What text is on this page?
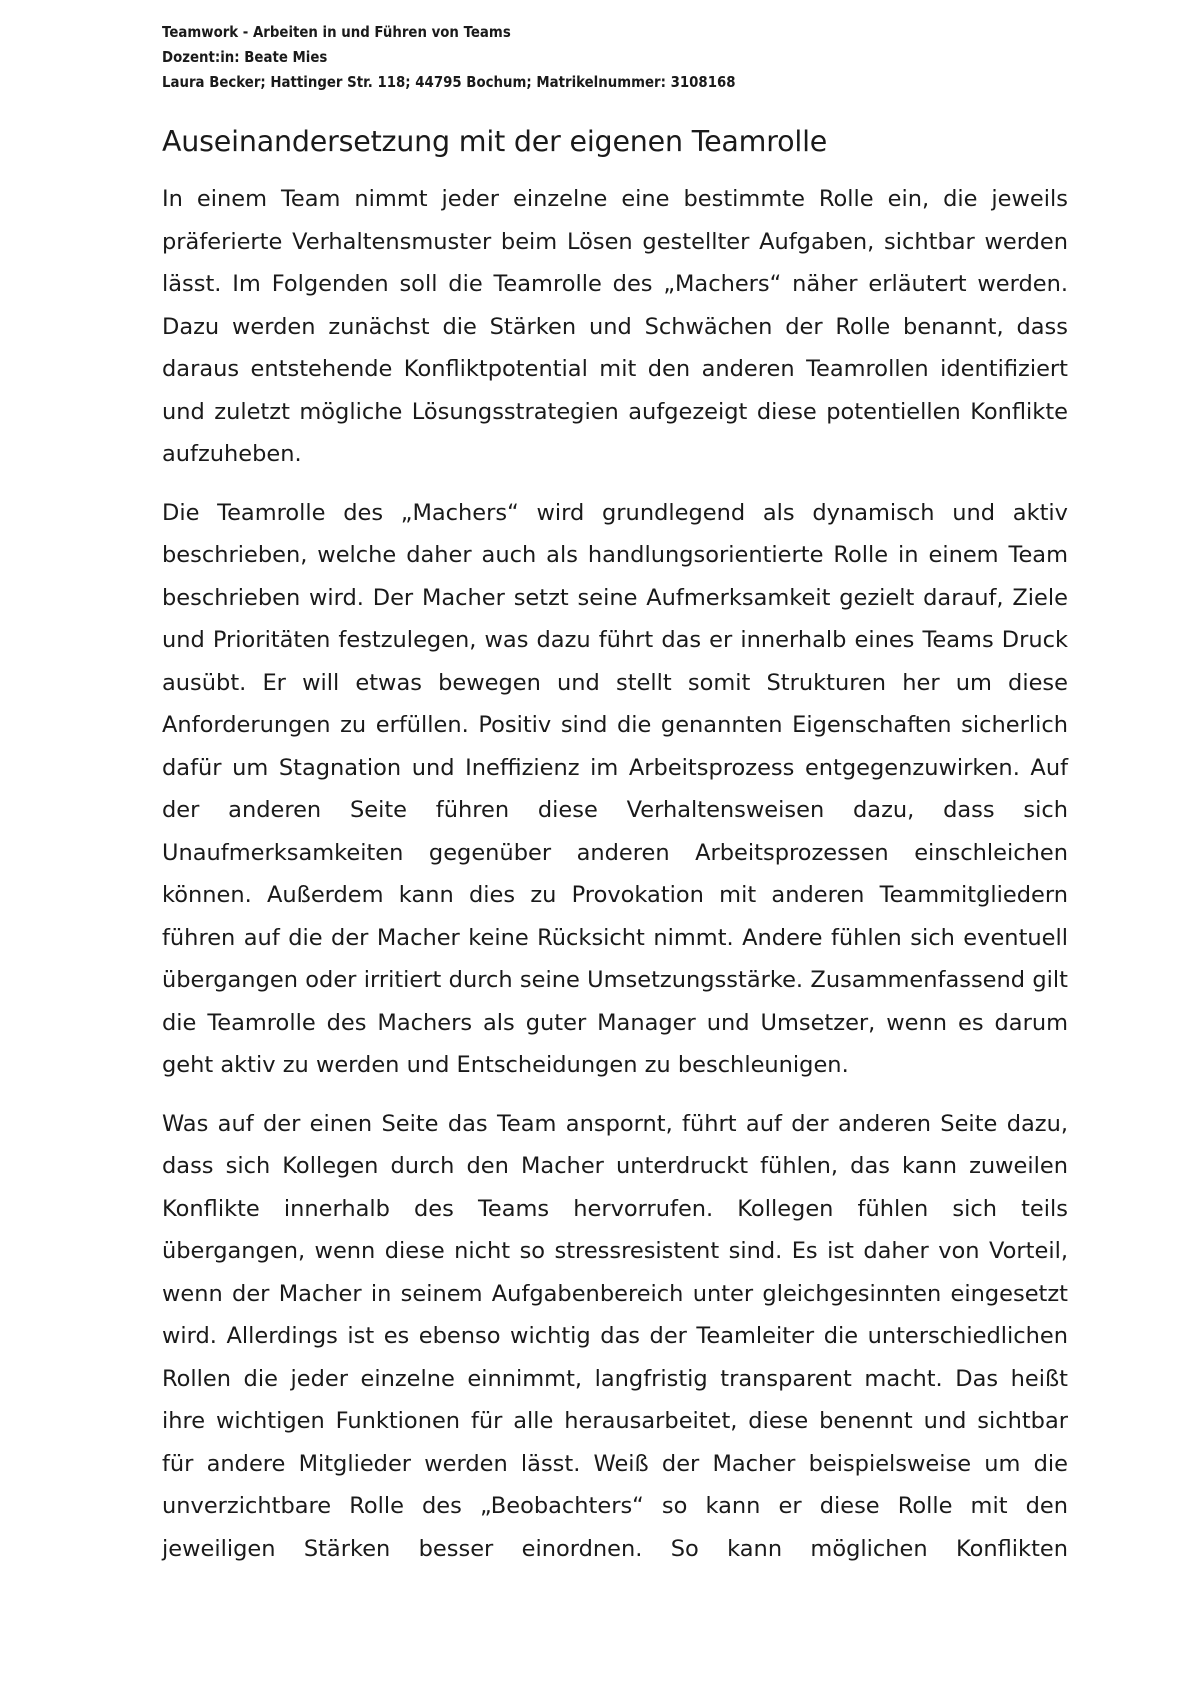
Teamwork - Arbeiten in und Führen von Teams
Dozent:in: Beate Mies
Laura Becker; Hattinger Str. 118; 44795 Bochum; Matrikelnummer: 3108168
Auseinandersetzung mit der eigenen Teamrolle

In einem Team nimmt jeder einzelne eine bestimmte Rolle ein, die jeweils präferierte Verhaltensmuster beim Lösen gestellter Aufgaben, sichtbar werden lässt. Im Folgenden soll die Teamrolle des „Machers“ näher erläutert werden. Dazu werden zunächst die Stärken und Schwächen der Rolle benannt, dass daraus entstehende Konfliktpotential mit den anderen Teamrollen identifiziert und zuletzt mögliche Lösungsstrategien aufgezeigt diese potentiellen Konflikte aufzuheben.

Die Teamrolle des „Machers“ wird grundlegend als dynamisch und aktiv beschrieben, welche daher auch als handlungsorientierte Rolle in einem Team beschrieben wird. Der Macher setzt seine Aufmerksamkeit gezielt darauf, Ziele und Prioritäten festzulegen, was dazu führt das er innerhalb eines Teams Druck ausübt. Er will etwas bewegen und stellt somit Strukturen her um diese Anforderungen zu erfüllen. Positiv sind die genannten Eigenschaften sicherlich dafür um Stagnation und Ineffizienz im Arbeitsprozess entgegenzuwirken. Auf der anderen Seite führen diese Verhaltensweisen dazu, dass sich Unaufmerksamkeiten gegenüber anderen Arbeitsprozessen einschleichen können. Außerdem kann dies zu Provokation mit anderen Teammitgliedern führen auf die der Macher keine Rücksicht nimmt. Andere fühlen sich eventuell übergangen oder irritiert durch seine Umsetzungsstärke. Zusammenfassend gilt die Teamrolle des Machers als guter Manager und Umsetzer, wenn es darum geht aktiv zu werden und Entscheidungen zu beschleunigen.

Was auf der einen Seite das Team anspornt, führt auf der anderen Seite dazu, dass sich Kollegen durch den Macher unterdruckt fühlen, das kann zuweilen Konflikte innerhalb des Teams hervorrufen. Kollegen fühlen sich teils übergangen, wenn diese nicht so stressresistent sind. Es ist daher von Vorteil, wenn der Macher in seinem Aufgabenbereich unter gleichgesinnten eingesetzt wird. Allerdings ist es ebenso wichtig das der Teamleiter die unterschiedlichen Rollen die jeder einzelne einnimmt, langfristig transparent macht. Das heißt ihre wichtigen Funktionen für alle herausarbeitet, diese benennt und sichtbar für andere Mitglieder werden lässt. Weiß der Macher beispielsweise um die unverzichtbare Rolle des „Beobachters“ so kann er diese Rolle mit den jeweiligen Stärken besser einordnen. So kann möglichen Konflikten
